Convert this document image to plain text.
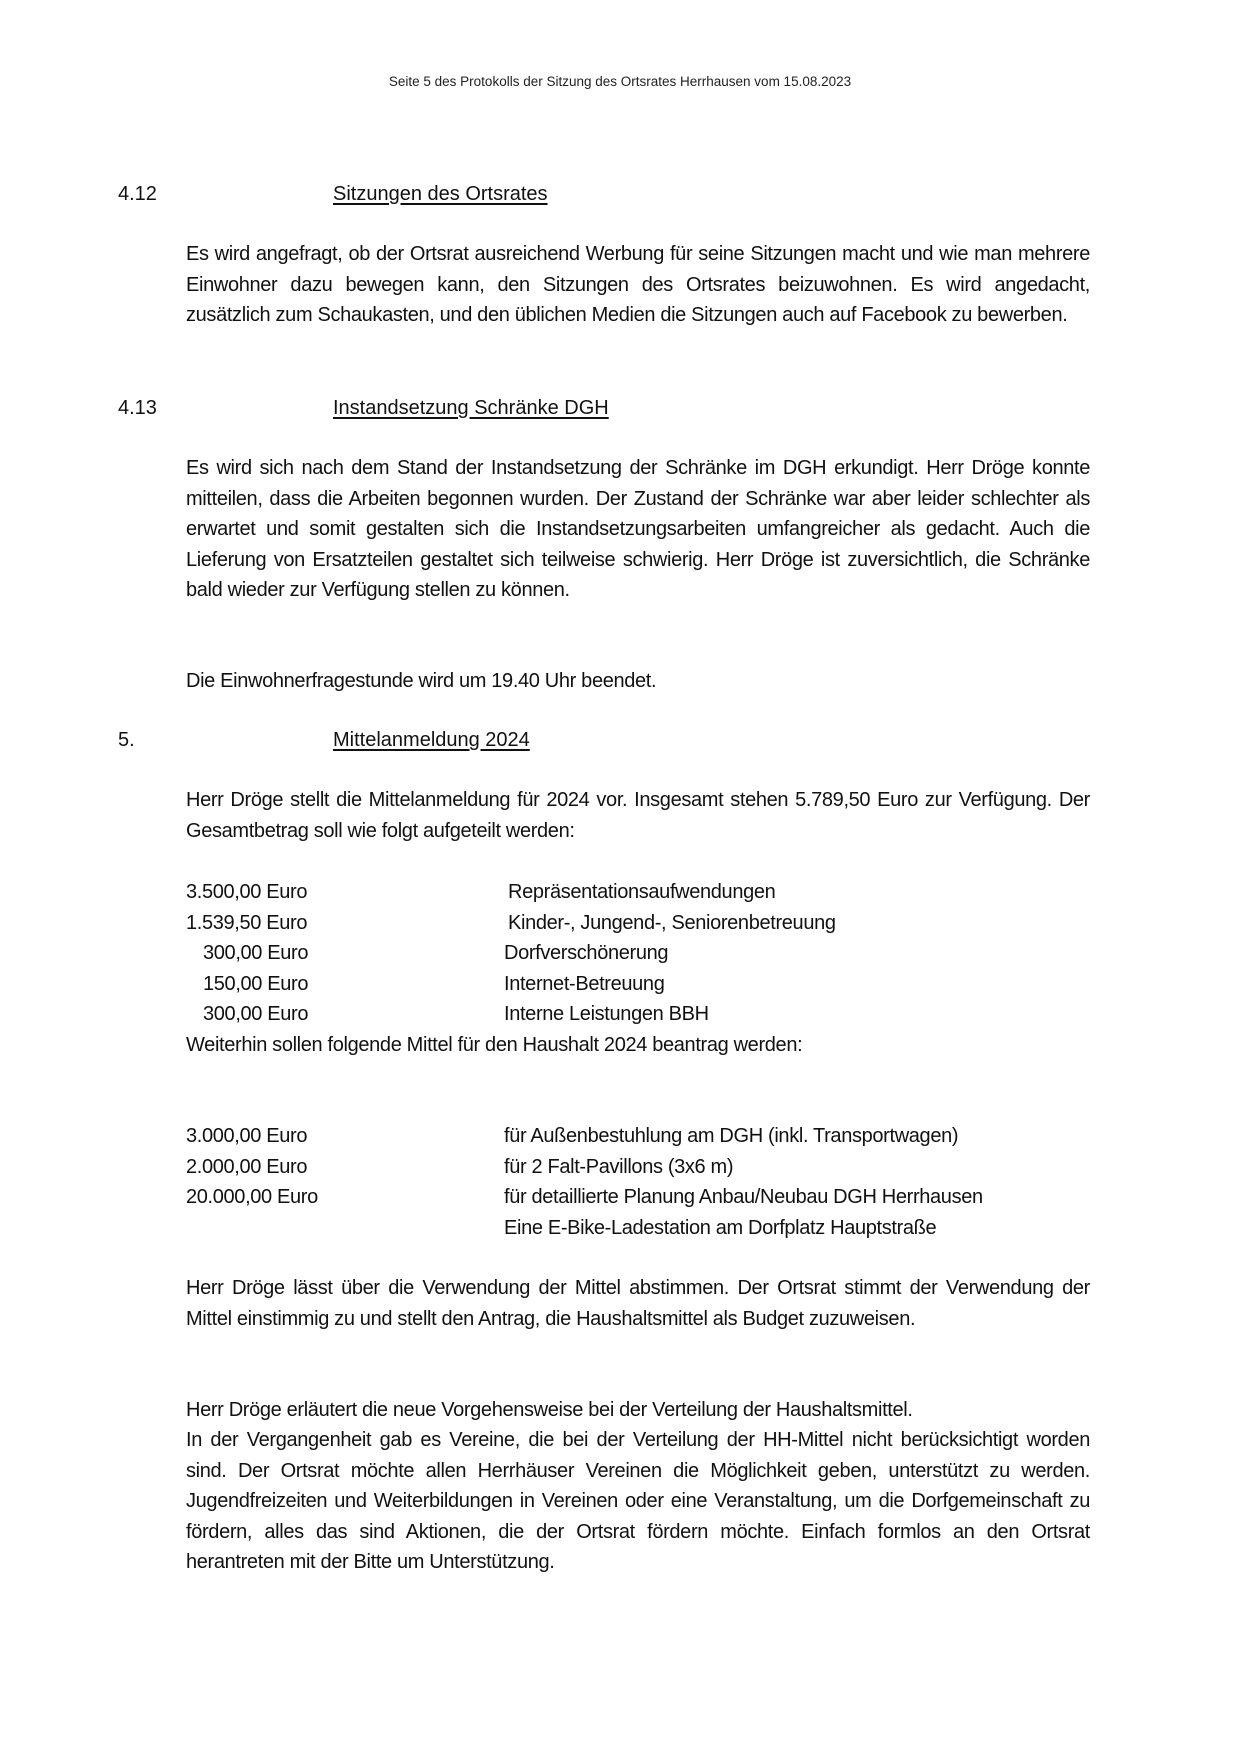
Seite 5 des Protokolls der Sitzung des Ortsrates Herrhausen vom 15.08.2023
4.12	Sitzungen des Ortsrates
Es wird angefragt, ob der Ortsrat ausreichend Werbung für seine Sitzungen macht und wie man mehrere Einwohner dazu bewegen kann, den Sitzungen des Ortsrates beizuwohnen. Es wird angedacht, zusätzlich zum Schaukasten, und den üblichen Medien die Sitzungen auch auf Facebook zu bewerben.
4.13	Instandsetzung Schränke DGH
Es wird sich nach dem Stand der Instandsetzung der Schränke im DGH erkundigt. Herr Dröge konnte mitteilen, dass die Arbeiten begonnen wurden. Der Zustand der Schränke war aber leider schlechter als erwartet und somit gestalten sich die Instandsetzungsarbeiten umfangreicher als gedacht. Auch die Lieferung von Ersatzteilen gestaltet sich teilweise schwierig. Herr Dröge ist zuversichtlich, die Schränke bald wieder zur Verfügung stellen zu können.
Die Einwohnerfragestunde wird um 19.40 Uhr beendet.
5.	Mittelanmeldung 2024
Herr Dröge stellt die Mittelanmeldung für 2024 vor. Insgesamt stehen 5.789,50 Euro zur Verfügung. Der Gesamtbetrag soll wie folgt aufgeteilt werden:
3.500,00 Euro	Repräsentationsaufwendungen
1.539,50 Euro	Kinder-, Jungend-, Seniorenbetreuung
300,00 Euro	Dorfverschönerung
150,00 Euro	Internet-Betreuung
300,00 Euro	Interne Leistungen BBH
Weiterhin sollen folgende Mittel für den Haushalt 2024 beantrag werden:
3.000,00 Euro	für Außenbestuhlung am DGH (inkl. Transportwagen)
2.000,00 Euro	für 2 Falt-Pavillons (3x6 m)
20.000,00 Euro	für detaillierte Planung Anbau/Neubau DGH Herrhausen
Eine E-Bike-Ladestation am Dorfplatz Hauptstraße
Herr Dröge lässt über die Verwendung der Mittel abstimmen. Der Ortsrat stimmt der Verwendung der Mittel einstimmig zu und stellt den Antrag, die Haushaltsmittel als Budget zuzuweisen.
Herr Dröge erläutert die neue Vorgehensweise bei der Verteilung der Haushaltsmittel.
In der Vergangenheit gab es Vereine, die bei der Verteilung der HH-Mittel nicht berücksichtigt worden sind. Der Ortsrat möchte allen Herrhäuser Vereinen die Möglichkeit geben, unterstützt zu werden. Jugendfreizeiten und Weiterbildungen in Vereinen oder eine Veranstaltung, um die Dorfgemeinschaft zu fördern, alles das sind Aktionen, die der Ortsrat fördern möchte. Einfach formlos an den Ortsrat herantreten mit der Bitte um Unterstützung.
